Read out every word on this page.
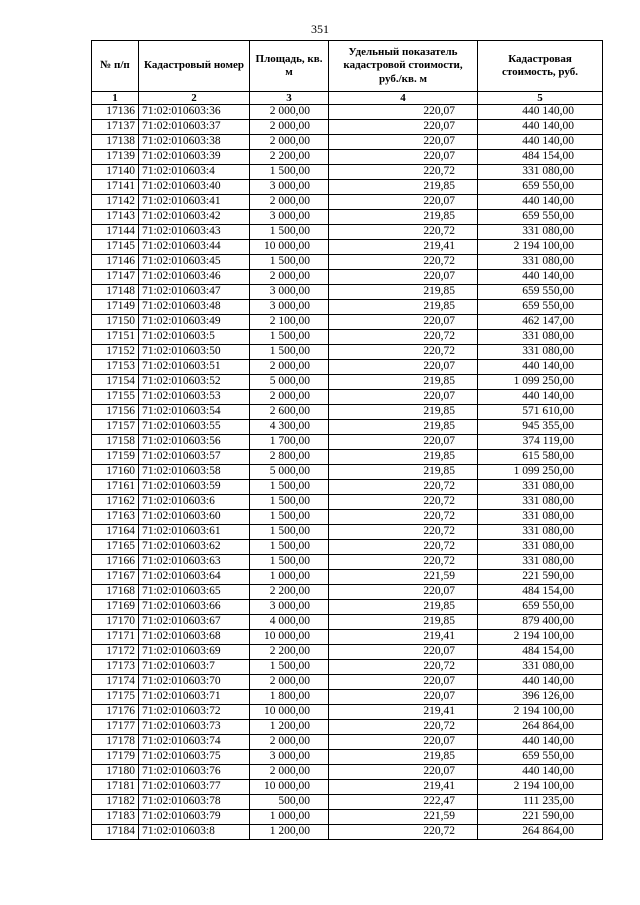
351
№ п/п	Кадастровый номер	Площадь, кв. м	Удельный показатель кадастровой стоимости, руб./кв. м	Кадастровая стоимость, руб.
1	2	3	4	5
17136	71:02:010603:36	2 000,00	220,07	440 140,00
17137	71:02:010603:37	2 000,00	220,07	440 140,00
17138	71:02:010603:38	2 000,00	220,07	440 140,00
17139	71:02:010603:39	2 200,00	220,07	484 154,00
17140	71:02:010603:4	1 500,00	220,72	331 080,00
17141	71:02:010603:40	3 000,00	219,85	659 550,00
17142	71:02:010603:41	2 000,00	220,07	440 140,00
17143	71:02:010603:42	3 000,00	219,85	659 550,00
17144	71:02:010603:43	1 500,00	220,72	331 080,00
17145	71:02:010603:44	10 000,00	219,41	2 194 100,00
17146	71:02:010603:45	1 500,00	220,72	331 080,00
17147	71:02:010603:46	2 000,00	220,07	440 140,00
17148	71:02:010603:47	3 000,00	219,85	659 550,00
17149	71:02:010603:48	3 000,00	219,85	659 550,00
17150	71:02:010603:49	2 100,00	220,07	462 147,00
17151	71:02:010603:5	1 500,00	220,72	331 080,00
17152	71:02:010603:50	1 500,00	220,72	331 080,00
17153	71:02:010603:51	2 000,00	220,07	440 140,00
17154	71:02:010603:52	5 000,00	219,85	1 099 250,00
17155	71:02:010603:53	2 000,00	220,07	440 140,00
17156	71:02:010603:54	2 600,00	219,85	571 610,00
17157	71:02:010603:55	4 300,00	219,85	945 355,00
17158	71:02:010603:56	1 700,00	220,07	374 119,00
17159	71:02:010603:57	2 800,00	219,85	615 580,00
17160	71:02:010603:58	5 000,00	219,85	1 099 250,00
17161	71:02:010603:59	1 500,00	220,72	331 080,00
17162	71:02:010603:6	1 500,00	220,72	331 080,00
17163	71:02:010603:60	1 500,00	220,72	331 080,00
17164	71:02:010603:61	1 500,00	220,72	331 080,00
17165	71:02:010603:62	1 500,00	220,72	331 080,00
17166	71:02:010603:63	1 500,00	220,72	331 080,00
17167	71:02:010603:64	1 000,00	221,59	221 590,00
17168	71:02:010603:65	2 200,00	220,07	484 154,00
17169	71:02:010603:66	3 000,00	219,85	659 550,00
17170	71:02:010603:67	4 000,00	219,85	879 400,00
17171	71:02:010603:68	10 000,00	219,41	2 194 100,00
17172	71:02:010603:69	2 200,00	220,07	484 154,00
17173	71:02:010603:7	1 500,00	220,72	331 080,00
17174	71:02:010603:70	2 000,00	220,07	440 140,00
17175	71:02:010603:71	1 800,00	220,07	396 126,00
17176	71:02:010603:72	10 000,00	219,41	2 194 100,00
17177	71:02:010603:73	1 200,00	220,72	264 864,00
17178	71:02:010603:74	2 000,00	220,07	440 140,00
17179	71:02:010603:75	3 000,00	219,85	659 550,00
17180	71:02:010603:76	2 000,00	220,07	440 140,00
17181	71:02:010603:77	10 000,00	219,41	2 194 100,00
17182	71:02:010603:78	500,00	222,47	111 235,00
17183	71:02:010603:79	1 000,00	221,59	221 590,00
17184	71:02:010603:8	1 200,00	220,72	264 864,00
